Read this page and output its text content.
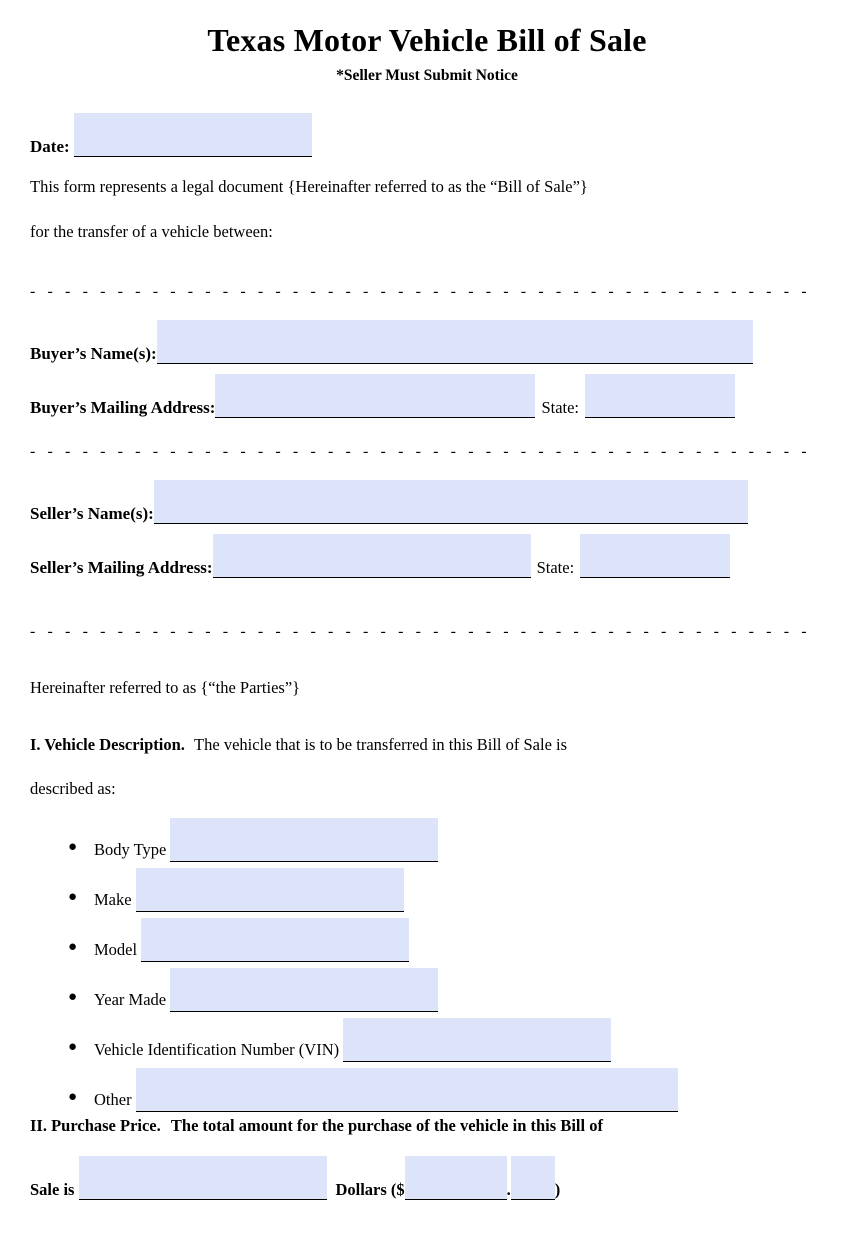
Texas Motor Vehicle Bill of Sale
*Seller Must Submit Notice
Date:
This form represents a legal document {Hereinafter referred to as the “Bill of Sale”}
for the transfer of a vehicle between:
- - - - - - - - - - - - - - - - - - - - - - - - - - - - - - - - - - - - - - - - - - - - -
Buyer’s Name(s):
Buyer’s Mailing Address:	State:
- - - - - - - - - - - - - - - - - - - - - - - - - - - - - - - - - - - - - - - - - - - - -
Seller’s Name(s):
Seller’s Mailing Address:	State:
- - - - - - - - - - - - - - - - - - - - - - - - - - - - - - - - - - - - - - - - - - - - -
Hereinafter referred to as {“the Parties”}
I. Vehicle Description. The vehicle that is to be transferred in this Bill of Sale is
described as:
● Body Type
● Make
● Model
● Year Made
● Vehicle Identification Number (VIN)
● Other
II. Purchase Price. The total amount for the purchase of the vehicle in this Bill of
Sale is	Dollars ($	.	)
